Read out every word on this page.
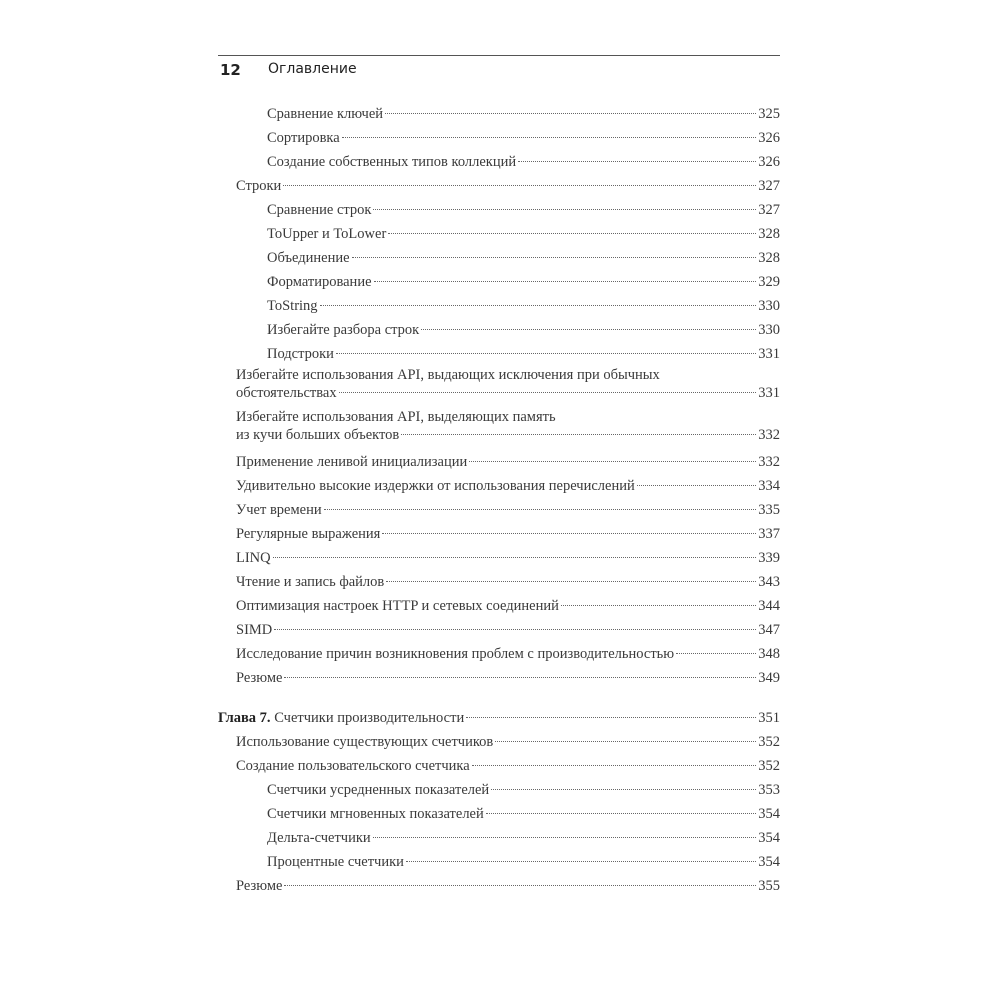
12 Оглавление
Сравнение ключей	325
Сортировка	326
Создание собственных типов коллекций	326
Строки	327
Сравнение строк	327
ToUpper и ToLower	328
Объединение	328
Форматирование	329
ToString	330
Избегайте разбора строк	330
Подстроки	331
Избегайте использования API, выдающих исключения при обычных
обстоятельствах	331
Избегайте использования API, выделяющих память
из кучи больших объектов	332
Применение ленивой инициализации	332
Удивительно высокие издержки от использования перечислений	334
Учет времени	335
Регулярные выражения	337
LINQ	339
Чтение и запись файлов	343
Оптимизация настроек HTTP и сетевых соединений	344
SIMD	347
Исследование причин возникновения проблем с производительностью	348
Резюме	349
Глава 7.
Счетчики производительности	351
Использование существующих счетчиков	352
Создание пользовательского счетчика	352
Счетчики усредненных показателей	353
Счетчики мгновенных показателей	354
Дельта-счетчики	354
Процентные счетчики	354
Резюме	355
